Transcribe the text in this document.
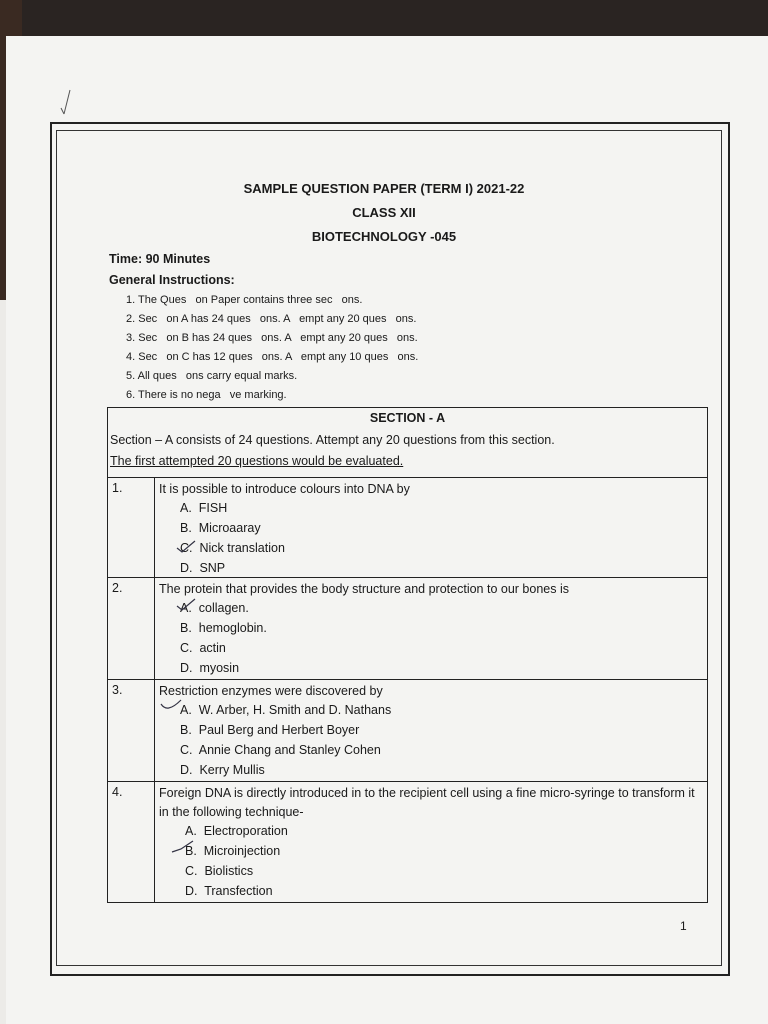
SAMPLE QUESTION PAPER (TERM I) 2021-22
CLASS XII
BIOTECHNOLOGY -045
Time: 90 Minutes
General Instructions:
1. The Ques   on Paper contains three sec   ons.
2. Sec   on A has 24 ques   ons. A   empt any 20 ques   ons.
3. Sec   on B has 24 ques   ons. A   empt any 20 ques   ons.
4. Sec   on C has 12 ques   ons. A   empt any 10 ques   ons.
5. All ques   ons carry equal marks.
6. There is no nega   ve marking.
SECTION - A
Section – A consists of 24 questions. Attempt any 20 questions from this section.
The first attempted 20 questions would be evaluated.
1.	It is possible to introduce colours into DNA by
A.  FISH
B.  Microaaray
C.  Nick translation
D.  SNP
2.	The protein that provides the body structure and protection to our bones is
A.  collagen.
B.  hemoglobin.
C.  actin
D.  myosin
3.	Restriction enzymes were discovered by
A.  W. Arber, H. Smith and D. Nathans
B.  Paul Berg and Herbert Boyer
C.  Annie Chang and Stanley Cohen
D.  Kerry Mullis
4.	Foreign DNA is directly introduced in to the recipient cell using a fine micro-syringe to transform it in the following technique-
A.  Electroporation
B.  Microinjection
C.  Biolistics
D.  Transfection
1
